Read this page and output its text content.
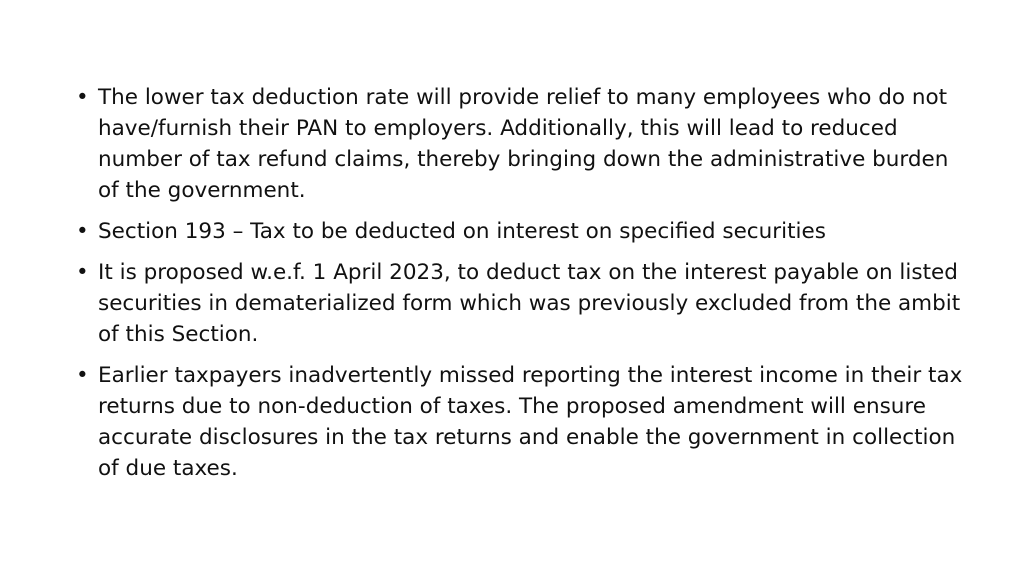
• The lower tax deduction rate will provide relief to many employees who do not have/furnish their PAN to employers. Additionally, this will lead to reduced number of tax refund claims, thereby bringing down the administrative burden of the government.
• Section 193 – Tax to be deducted on interest on specified securities
• It is proposed w.e.f. 1 April 2023, to deduct tax on the interest payable on listed securities in dematerialized form which was previously excluded from the ambit of this Section.
• Earlier taxpayers inadvertently missed reporting the interest income in their tax returns due to non-deduction of taxes. The proposed amendment will ensure accurate disclosures in the tax returns and enable the government in collection of due taxes.
